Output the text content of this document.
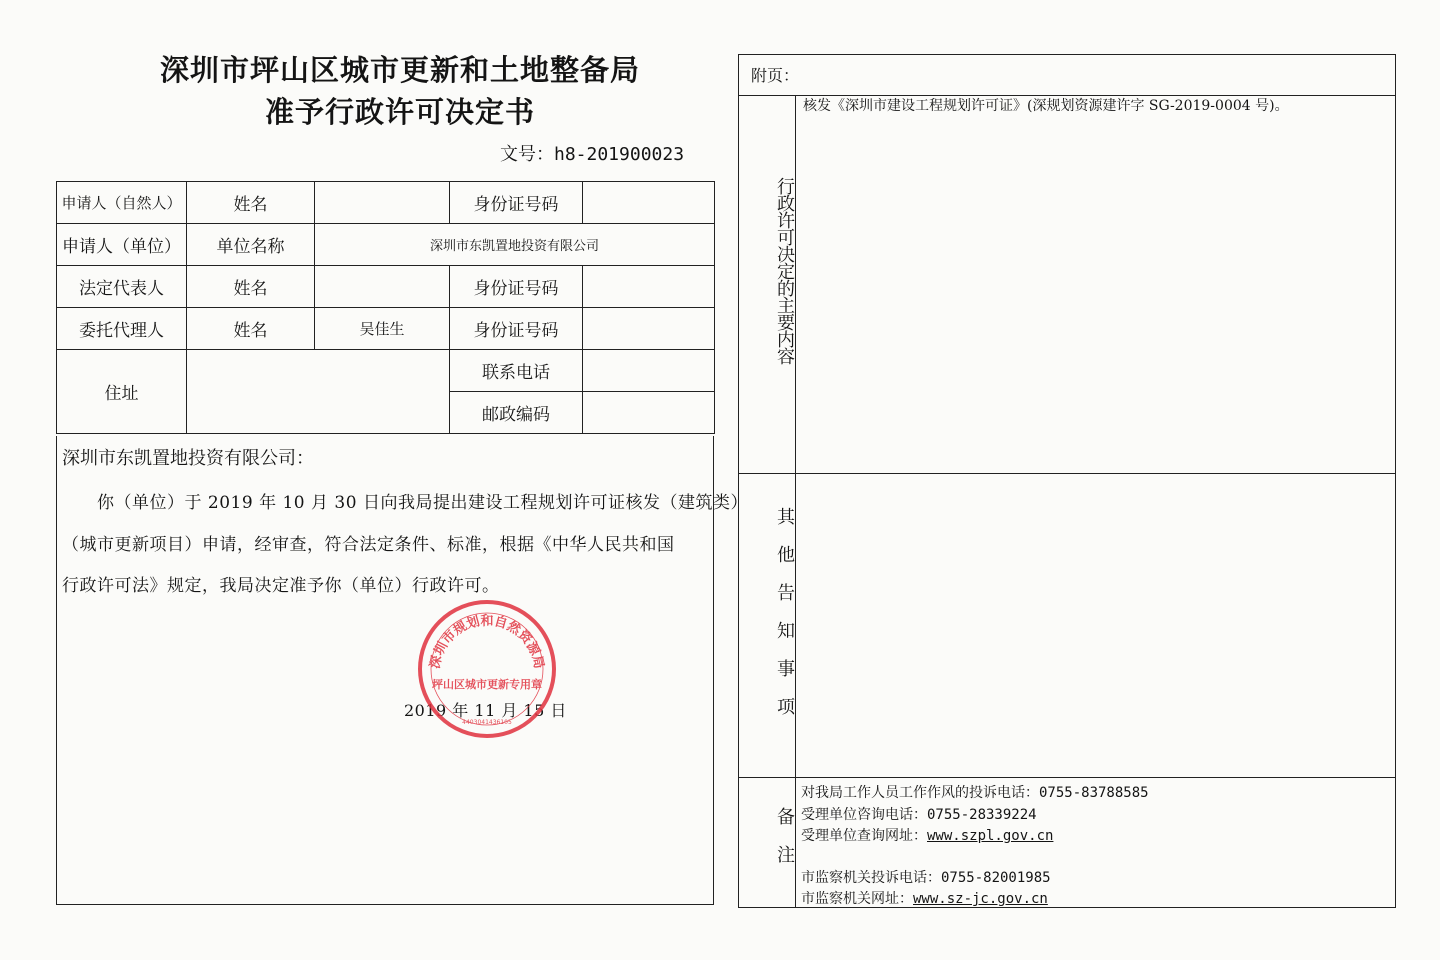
深圳市坪山区城市更新和土地整备局
准予行政许可决定书
文号：h8-201900023
申请人（自然人）	姓名		身份证号码	
申请人（单位）	单位名称	深圳市东凯置地投资有限公司		
法定代表人	姓名		身份证号码	
委托代理人	姓名	吴佳生	身份证号码	
住址			联系电话	
			邮政编码	
深圳市东凯置地投资有限公司：
你（单位）于 2019 年 10 月 30 日向我局提出建设工程规划许可证核发（建筑类）
（城市更新项目）申请，经审查，符合法定条件、标准，根据《中华人民共和国
行政许可法》规定，我局决定准予你（单位）行政许可。
2019 年 11 月 15 日
深圳市规划和自然资源局
坪山区城市更新专用章
4403041436105
附页：
行政许可决定的主要内容
核发《深圳市建设工程规划许可证》(深规划资源建许字 SG-2019-0004 号)。
其他告知事项
备注
对我局工作人员工作作风的投诉电话：0755-83788585
受理单位咨询电话：0755-28339224
受理单位查询网址：www.szpl.gov.cn
市监察机关投诉电话：0755-82001985
市监察机关网址：www.sz-jc.gov.cn
